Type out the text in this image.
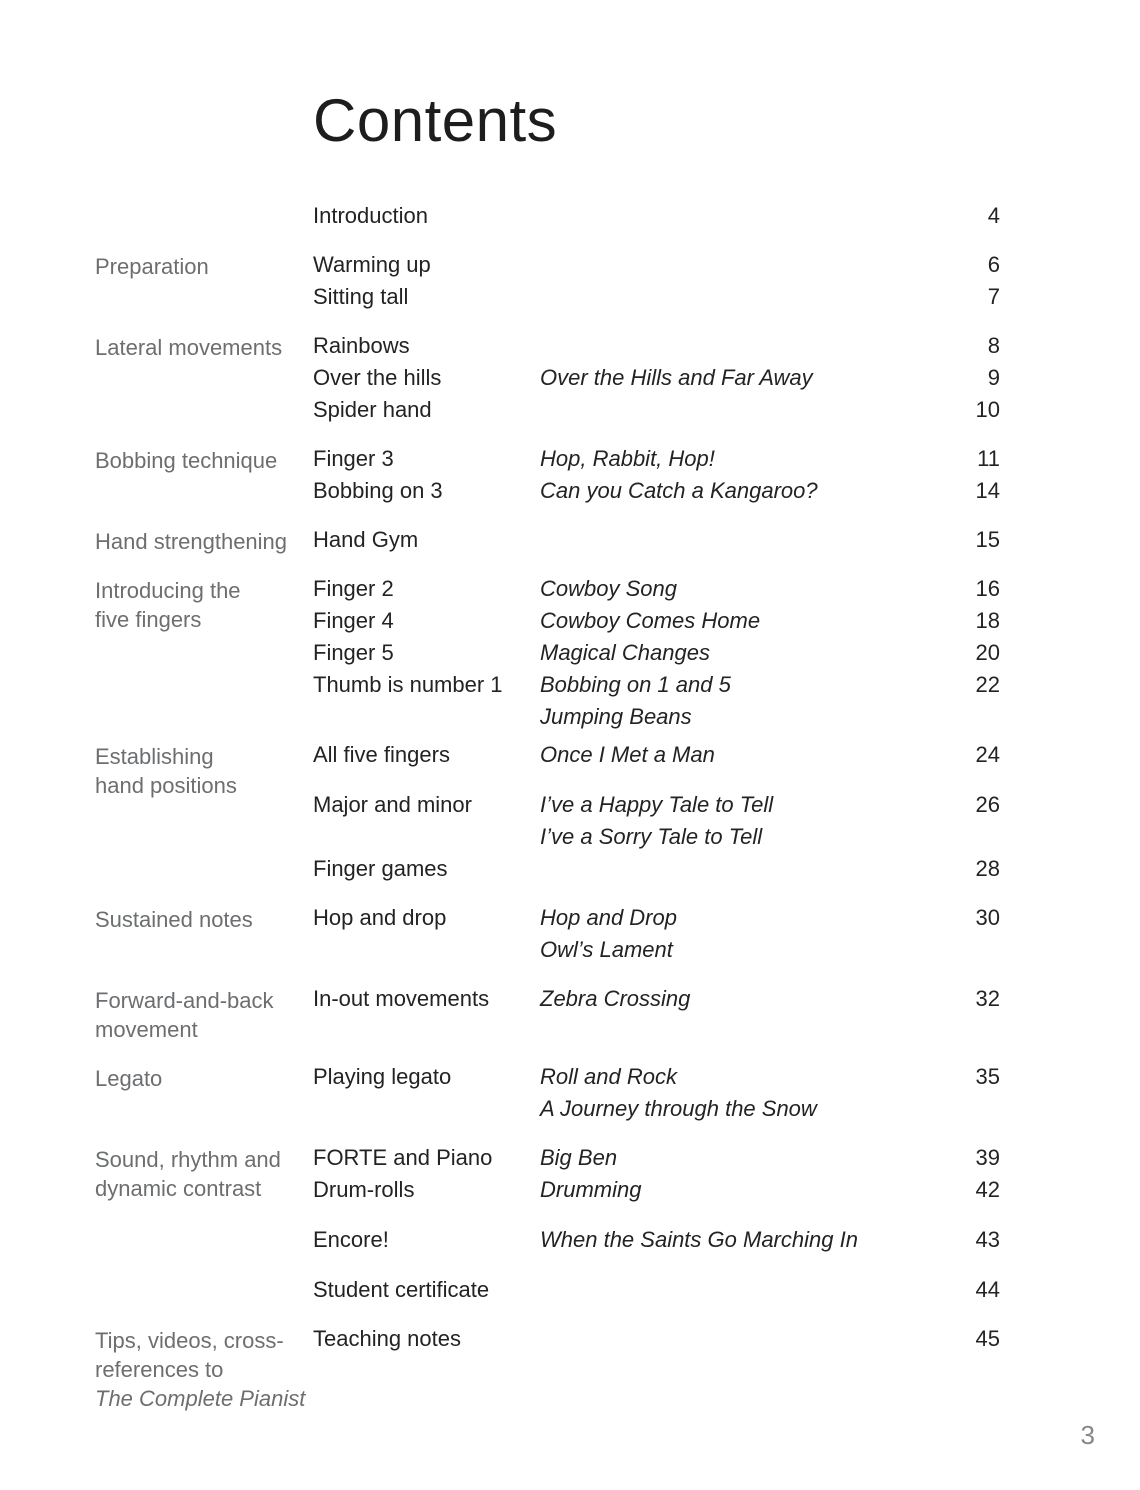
Contents
Introduction	4
Preparation	Warming up	6
Sitting tall	7
Lateral movements	Rainbows	8
Over the hills	Over the Hills and Far Away	9
Spider hand	10
Bobbing technique	Finger 3	Hop, Rabbit, Hop!	11
Bobbing on 3	Can you Catch a Kangaroo?	14
Hand strengthening	Hand Gym	15
Introducing the
five fingers
Finger 2	Cowboy Song	16
Finger 4	Cowboy Comes Home	18
Finger 5	Magical Changes	20
Thumb is number 1	Bobbing on 1 and 5	22
Jumping Beans
Establishing
hand positions
All five fingers	Once I Met a Man	24
Major and minor	I’ve a Happy Tale to Tell	26
I’ve a Sorry Tale to Tell
Finger games	28
Sustained notes	Hop and drop	Hop and Drop	30
Owl’s Lament
Forward-and-back
movement
In-out movements	Zebra Crossing	32
Legato	Playing legato	Roll and Rock	35
A Journey through the Snow
Sound, rhythm and
dynamic contrast
FORTE and Piano	Big Ben	39
Drum-rolls	Drumming	42
Encore!	When the Saints Go Marching In	43
Student certificate	44
Tips, videos, cross-
references to
The Complete Pianist
Teaching notes	45
3
